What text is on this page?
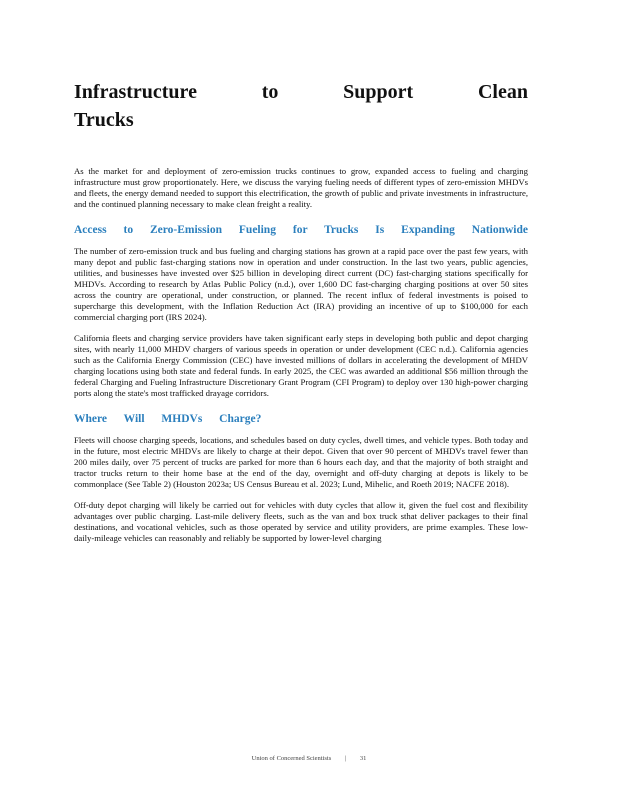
Infrastructure to Support Clean
Trucks

As the market for and deployment of zero-emission trucks continues to grow, expanded access to fueling and charging infrastructure must grow proportionately. Here, we discuss the varying fueling needs of different types of zero-emission MHDVs and fleets, the energy demand needed to support this electrification, the growth of public and private investments in infrastructure, and the continued planning necessary to make clean freight a reality.

Access to Zero-Emission Fueling for Trucks Is Expanding Nationwide

The number of zero-emission truck and bus fueling and charging stations has grown at a rapid pace over the past few years, with many depot and public fast-charging stations now in operation and under construction. In the last two years, public agencies, utilities, and businesses have invested over $25 billion in developing direct current (DC) fast-charging stations specifically for MHDVs. According to research by Atlas Public Policy (n.d.), over 1,600 DC fast-charging charging positions at over 50 sites across the country are operational, under construction, or planned. The recent influx of federal investments is poised to supercharge this development, with the Inflation Reduction Act (IRA) providing an incentive of up to $100,000 for each commercial charging port (IRS 2024).

California fleets and charging service providers have taken significant early steps in developing both public and depot charging sites, with nearly 11,000 MHDV chargers of various speeds in operation or under development (CEC n.d.). California agencies such as the California Energy Commission (CEC) have invested millions of dollars in accelerating the development of MHDV charging locations using both state and federal funds. In early 2025, the CEC was awarded an additional $56 million through the federal Charging and Fueling Infrastructure Discretionary Grant Program (CFI Program) to deploy over 130 high-power charging ports along the state's most trafficked drayage corridors.

Where Will MHDVs Charge?

Fleets will choose charging speeds, locations, and schedules based on duty cycles, dwell times, and vehicle types. Both today and in the future, most electric MHDVs are likely to charge at their depot. Given that over 90 percent of MHDVs travel fewer than 200 miles daily, over 75 percent of trucks are parked for more than 6 hours each day, and that the majority of both straight and tractor trucks return to their home base at the end of the day, overnight and off-duty charging at depots is likely to be commonplace (See Table 2) (Houston 2023a; US Census Bureau et al. 2023; Lund, Mihelic, and Roeth 2019; NACFE 2018).

Off-duty depot charging will likely be carried out for vehicles with duty cycles that allow it, given the fuel cost and flexibility advantages over public charging. Last-mile delivery fleets, such as the van and box truck sthat deliver packages to their final destinations, and vocational vehicles, such as those operated by service and utility providers, are prime examples. These low-daily-mileage vehicles can reasonably and reliably be supported by lower-level charging

Union of Concerned Scientists | 31
